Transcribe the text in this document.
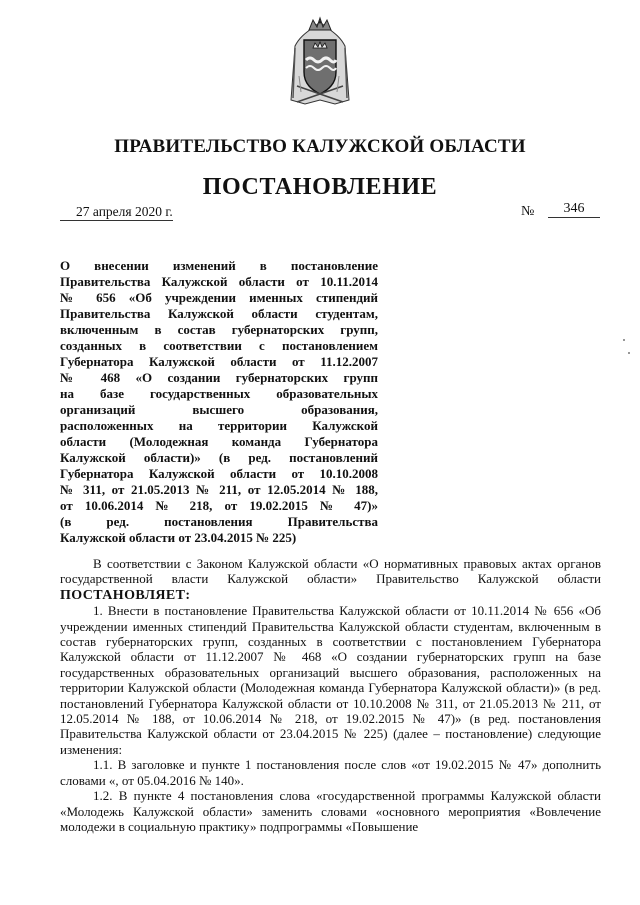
ПРАВИТЕЛЬСТВО КАЛУЖСКОЙ ОБЛАСТИ
ПОСТАНОВЛЕНИЕ
27 апреля 2020 г.	№	346
О внесении изменений в постановление
Правительства Калужской области от 10.11.2014
№ 656 «Об учреждении именных стипендий
Правительства Калужской области студентам,
включенным в состав губернаторских групп,
созданных в соответствии с постановлением
Губернатора Калужской области от 11.12.2007
№ 468 «О создании губернаторских групп
на базе государственных образовательных
организаций высшего образования,
расположенных на территории Калужской
области (Молодежная команда Губернатора
Калужской области)» (в ред. постановлений
Губернатора Калужской области от 10.10.2008
№ 311, от 21.05.2013 № 211, от 12.05.2014 № 188,
от 10.06.2014 № 218, от 19.02.2015 № 47)»
(в ред. постановления Правительства
Калужской области от 23.04.2015 № 225)

В соответствии с Законом Калужской области «О нормативных правовых актах органов государственной власти Калужской области» Правительство Калужской области ПОСТАНОВЛЯЕТ:

1. Внести в постановление Правительства Калужской области от 10.11.2014 № 656 «Об учреждении именных стипендий Правительства Калужской области студентам, включенным в состав губернаторских групп, созданных в соответствии с постановлением Губернатора Калужской области от 11.12.2007 № 468 «О создании губернаторских групп на базе государственных образовательных организаций высшего образования, расположенных на территории Калужской области (Молодежная команда Губернатора Калужской области)» (в ред. постановлений Губернатора Калужской области от 10.10.2008 № 311, от 21.05.2013 № 211, от 12.05.2014 № 188, от 10.06.2014 № 218, от 19.02.2015 № 47)» (в ред. постановления Правительства Калужской области от 23.04.2015 № 225) (далее – постановление) следующие изменения:

1.1. В заголовке и пункте 1 постановления после слов «от 19.02.2015 № 47» дополнить словами «, от 05.04.2016 № 140».

1.2. В пункте 4 постановления слова «государственной программы Калужской области «Молодежь Калужской области» заменить словами «основного мероприятия «Вовлечение молодежи в социальную практику» подпрограммы «Повышение
